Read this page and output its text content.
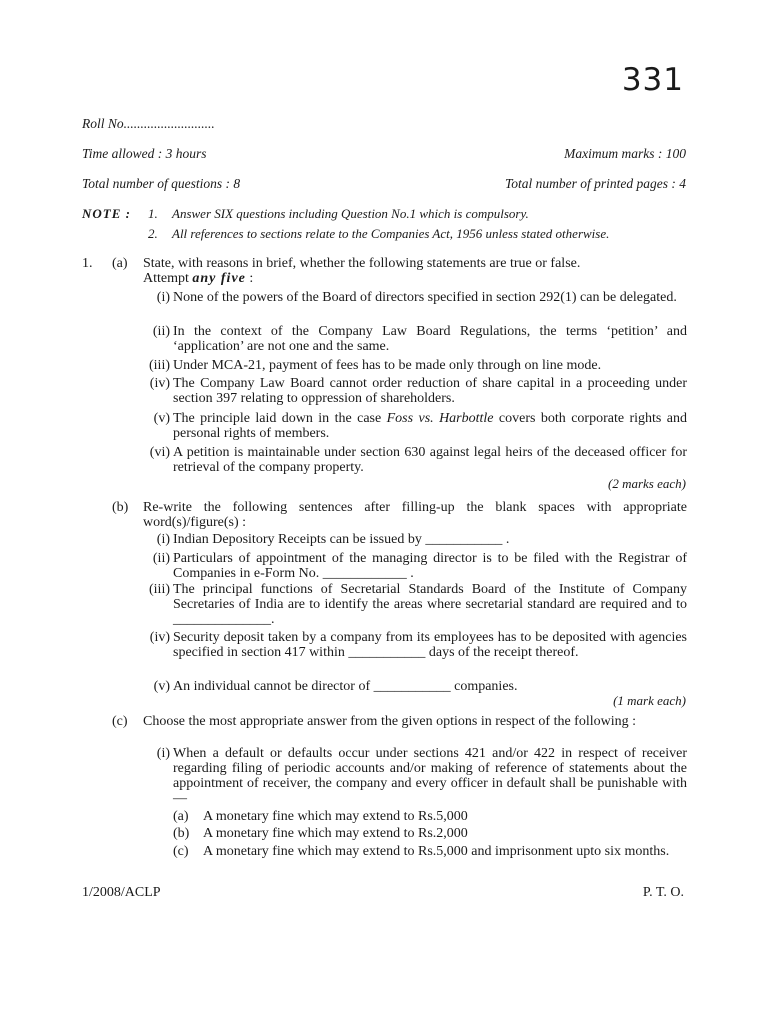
331
Roll No...........................
Time allowed : 3 hours	Maximum marks : 100
Total number of questions : 8	Total number of printed pages : 4
NOTE : 1. Answer SIX questions including Question No.1 which is compulsory.
2. All references to sections relate to the Companies Act, 1956 unless stated otherwise.
1. (a) State, with reasons in brief, whether the following statements are true or false.
Attempt any five :
(i) None of the powers of the Board of directors specified in section 292(1) can be delegated.
(ii) In the context of the Company Law Board Regulations, the terms ‘petition’ and ‘application’ are not one and the same.
(iii) Under MCA-21, payment of fees has to be made only through on line mode.
(iv) The Company Law Board cannot order reduction of share capital in a proceeding under section 397 relating to oppression of shareholders.
(v) The principle laid down in the case Foss vs. Harbottle covers both corporate rights and personal rights of members.
(vi) A petition is maintainable under section 630 against legal heirs of the deceased officer for retrieval of the company property.
(2 marks each)
(b) Re-write the following sentences after filling-up the blank spaces with appropriate word(s)/figure(s) :
(i) Indian Depository Receipts can be issued by ___________ .
(ii) Particulars of appointment of the managing director is to be filed with the Registrar of Companies in e-Form No. ____________ .
(iii) The principal functions of Secretarial Standards Board of the Institute of Company Secretaries of India are to identify the areas where secretarial standard are required and to ______________.
(iv) Security deposit taken by a company from its employees has to be deposited with agencies specified in section 417 within ___________ days of the receipt thereof.
(v) An individual cannot be director of ___________ companies.
(1 mark each)
(c) Choose the most appropriate answer from the given options in respect of the following :
(i) When a default or defaults occur under sections 421 and/or 422 in respect of receiver regarding filing of periodic accounts and/or making of reference of statements about the appointment of receiver, the company and every officer in default shall be punishable with —
(a) A monetary fine which may extend to Rs.5,000
(b) A monetary fine which may extend to Rs.2,000
(c) A monetary fine which may extend to Rs.5,000 and imprisonment upto six months.
1/2008/ACLP	P. T. O.
